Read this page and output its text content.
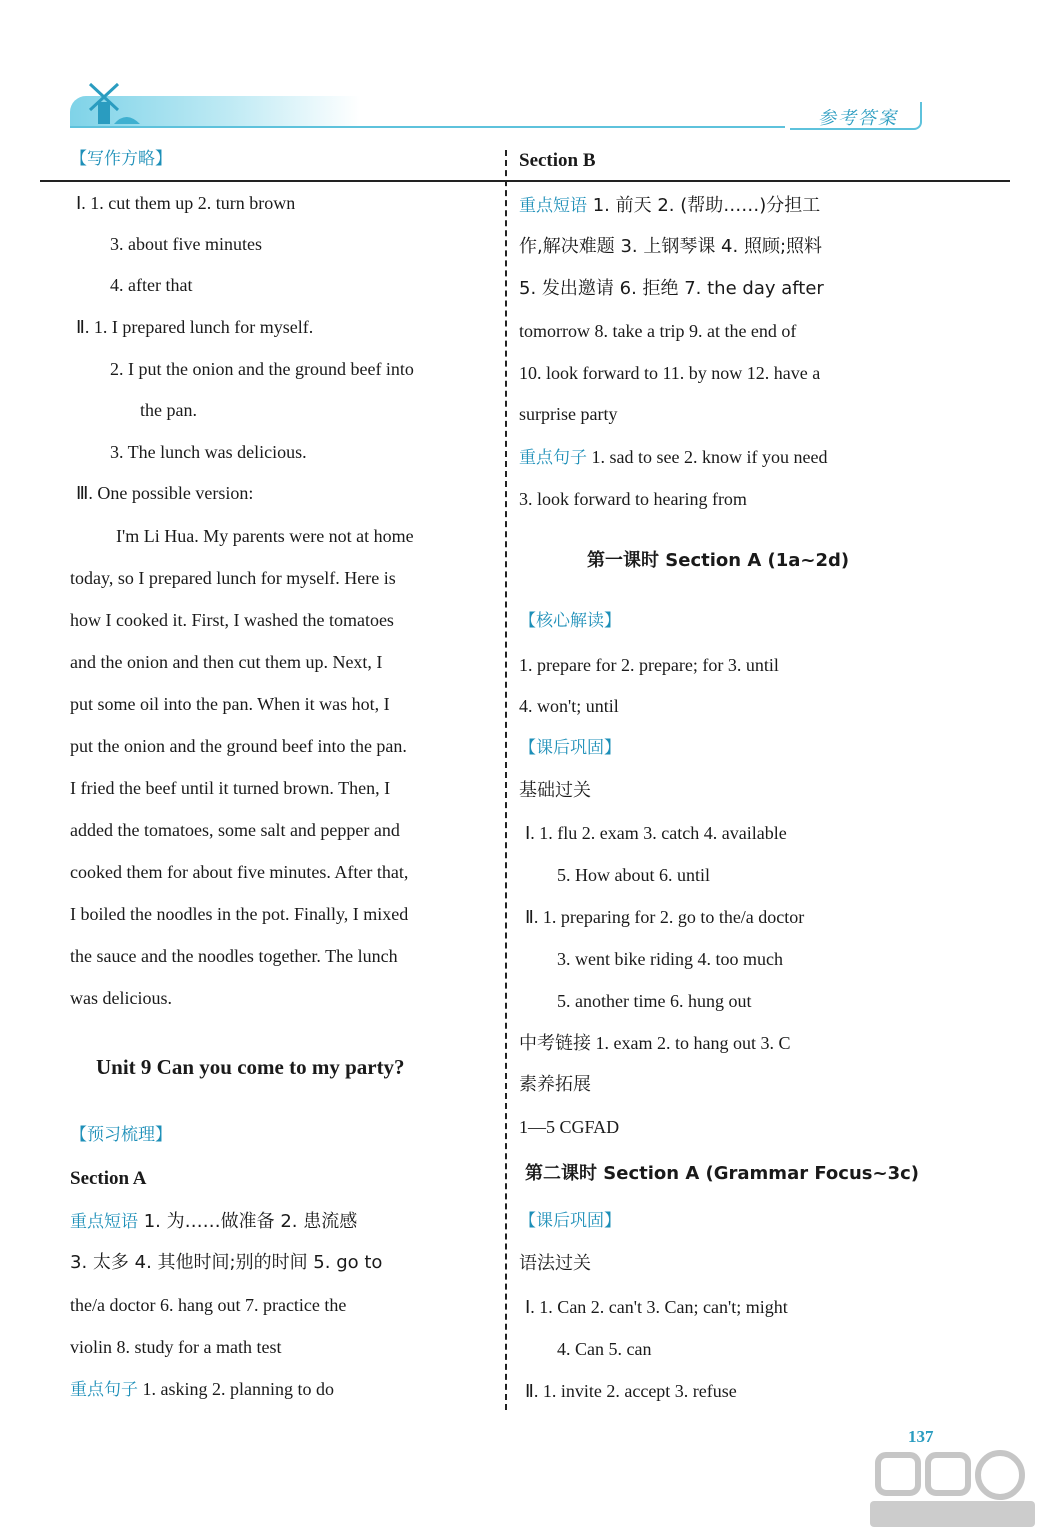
参考答案
【写作方略】
Ⅰ. 1. cut them up 2. turn brown
3. about five minutes
4. after that
Ⅱ. 1. I prepared lunch for myself.
2. I put the onion and the ground beef into
the pan.
3. The lunch was delicious.
Ⅲ. One possible version:
I'm Li Hua. My parents were not at home
today, so I prepared lunch for myself. Here is
how I cooked it. First, I washed the tomatoes
and the onion and then cut them up. Next, I
put some oil into the pan. When it was hot, I
put the onion and the ground beef into the pan.
I fried the beef until it turned brown. Then, I
added the tomatoes, some salt and pepper and
cooked them for about five minutes. After that,
I boiled the noodles in the pot. Finally, I mixed
the sauce and the noodles together. The lunch
was delicious.
Unit 9 Can you come to my party?
【预习梳理】
Section A
重点短语 1. 为……做准备 2. 患流感
3. 太多 4. 其他时间;别的时间 5. go to
the/a doctor 6. hang out 7. practice the
violin 8. study for a math test
重点句子 1. asking 2. planning to do
Section B
重点短语 1. 前天 2. (帮助……)分担工
作,解决难题 3. 上钢琴课 4. 照顾;照料
5. 发出邀请 6. 拒绝 7. the day after
tomorrow 8. take a trip 9. at the end of
10. look forward to 11. by now 12. have a
surprise party
重点句子 1. sad to see 2. know if you need
3. look forward to hearing from
第一课时 Section A (1a~2d)
【核心解读】
1. prepare for 2. prepare; for 3. until
4. won't; until
【课后巩固】
基础过关
Ⅰ. 1. flu 2. exam 3. catch 4. available
5. How about 6. until
Ⅱ. 1. preparing for 2. go to the/a doctor
3. went bike riding 4. too much
5. another time 6. hung out
中考链接 1. exam 2. to hang out 3. C
素养拓展
1—5 CGFAD
第二课时 Section A (Grammar Focus~3c)
【课后巩固】
语法过关
Ⅰ. 1. Can 2. can't 3. Can; can't; might
4. Can 5. can
Ⅱ. 1. invite 2. accept 3. refuse
137
